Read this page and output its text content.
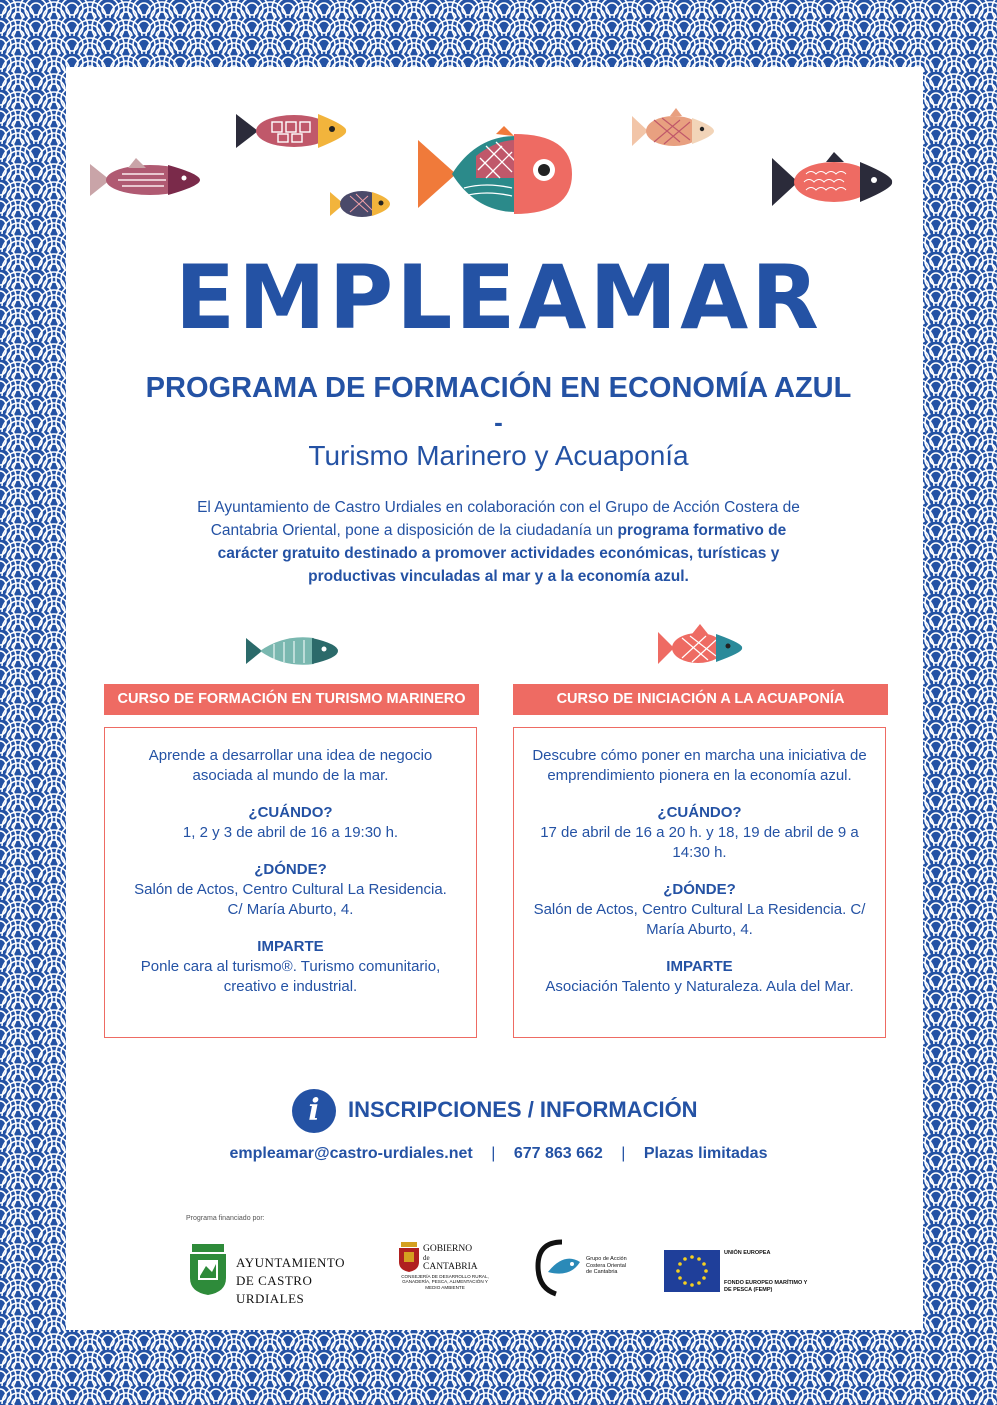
EMPLEAMAR
PROGRAMA DE FORMACIÓN EN ECONOMÍA AZUL
-
Turismo Marinero y Acuaponía
El Ayuntamiento de Castro Urdiales en colaboración con el Grupo de Acción Costera de Cantabria Oriental, pone a disposición de la ciudadanía un programa formativo de carácter gratuito destinado a promover actividades económicas, turísticas y productivas vinculadas al mar y a la economía azul.
CURSO DE FORMACIÓN EN TURISMO MARINERO

Aprende a desarrollar una idea de negocio asociada al mundo de la mar.

¿CUÁNDO?
1, 2 y 3 de abril de 16 a 19:30 h.

¿DÓNDE?
Salón de Actos, Centro Cultural La Residencia. C/ María Aburto, 4.

IMPARTE
Ponle cara al turismo®. Turismo comunitario, creativo e industrial.

CURSO DE INICIACIÓN A LA ACUAPONÍA

Descubre cómo poner en marcha una iniciativa de emprendimiento pionera en la economía azul.

¿CUÁNDO?
17 de abril de 16 a 20 h. y 18, 19 de abril de 9 a 14:30 h.

¿DÓNDE?
Salón de Actos, Centro Cultural La Residencia. C/ María Aburto, 4.

IMPARTE
Asociación Talento y Naturaleza. Aula del Mar.

i	INSCRIPCIONES / INFORMACIÓN
empleamar@castro-urdiales.net | 677 863 662 | Plazas limitadas
Programa financiado por:
AYUNTAMIENTO DE CASTRO URDIALES
GOBIERNO
de
CANTABRIA
CONSEJERÍA DE DESARROLLO RURAL, GANADERÍA, PESCA, ALIMENTACIÓN Y MEDIO AMBIENTE
Grupo de Acción Costera Oriental de Cantabria
UNIÓN EUROPEA
FONDO EUROPEO MARÍTIMO Y DE PESCA (FEMP)
